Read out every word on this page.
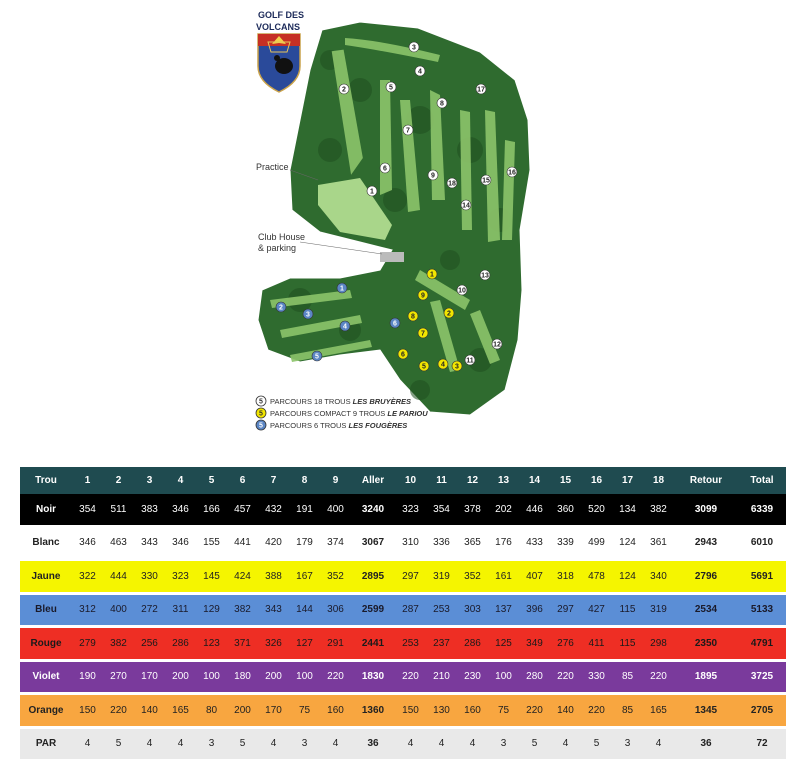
GOLF DES
VOLCANS
Practice
Club House
& parking
1
2
3
4
5
6
7
8
9
10
11
12
13
14
15
16
17
18
1
2
3
4
5
6
7
8
9
1
2
3
4
5
6
5 PARCOURS 18 TROUS LES BRUYÈRES
5 PARCOURS COMPACT 9 TROUS LE PARIOU
5 PARCOURS 6 TROUS LES FOUGÈRES
Trou	1	2	3	4	5	6	7	8	9	Aller	10	11	12	13	14	15	16	17	18	Retour	Total
Noir	354	511	383	346	166	457	432	191	400	3240	323	354	378	202	446	360	520	134	382	3099	6339
Blanc	346	463	343	346	155	441	420	179	374	3067	310	336	365	176	433	339	499	124	361	2943	6010
Jaune	322	444	330	323	145	424	388	167	352	2895	297	319	352	161	407	318	478	124	340	2796	5691
Bleu	312	400	272	311	129	382	343	144	306	2599	287	253	303	137	396	297	427	115	319	2534	5133
Rouge	279	382	256	286	123	371	326	127	291	2441	253	237	286	125	349	276	411	115	298	2350	4791
Violet	190	270	170	200	100	180	200	100	220	1830	220	210	230	100	280	220	330	85	220	1895	3725
Orange	150	220	140	165	80	200	170	75	160	1360	150	130	160	75	220	140	220	85	165	1345	2705
PAR	4	5	4	4	3	5	4	3	4	36	4	4	4	3	5	4	5	3	4	36	72
